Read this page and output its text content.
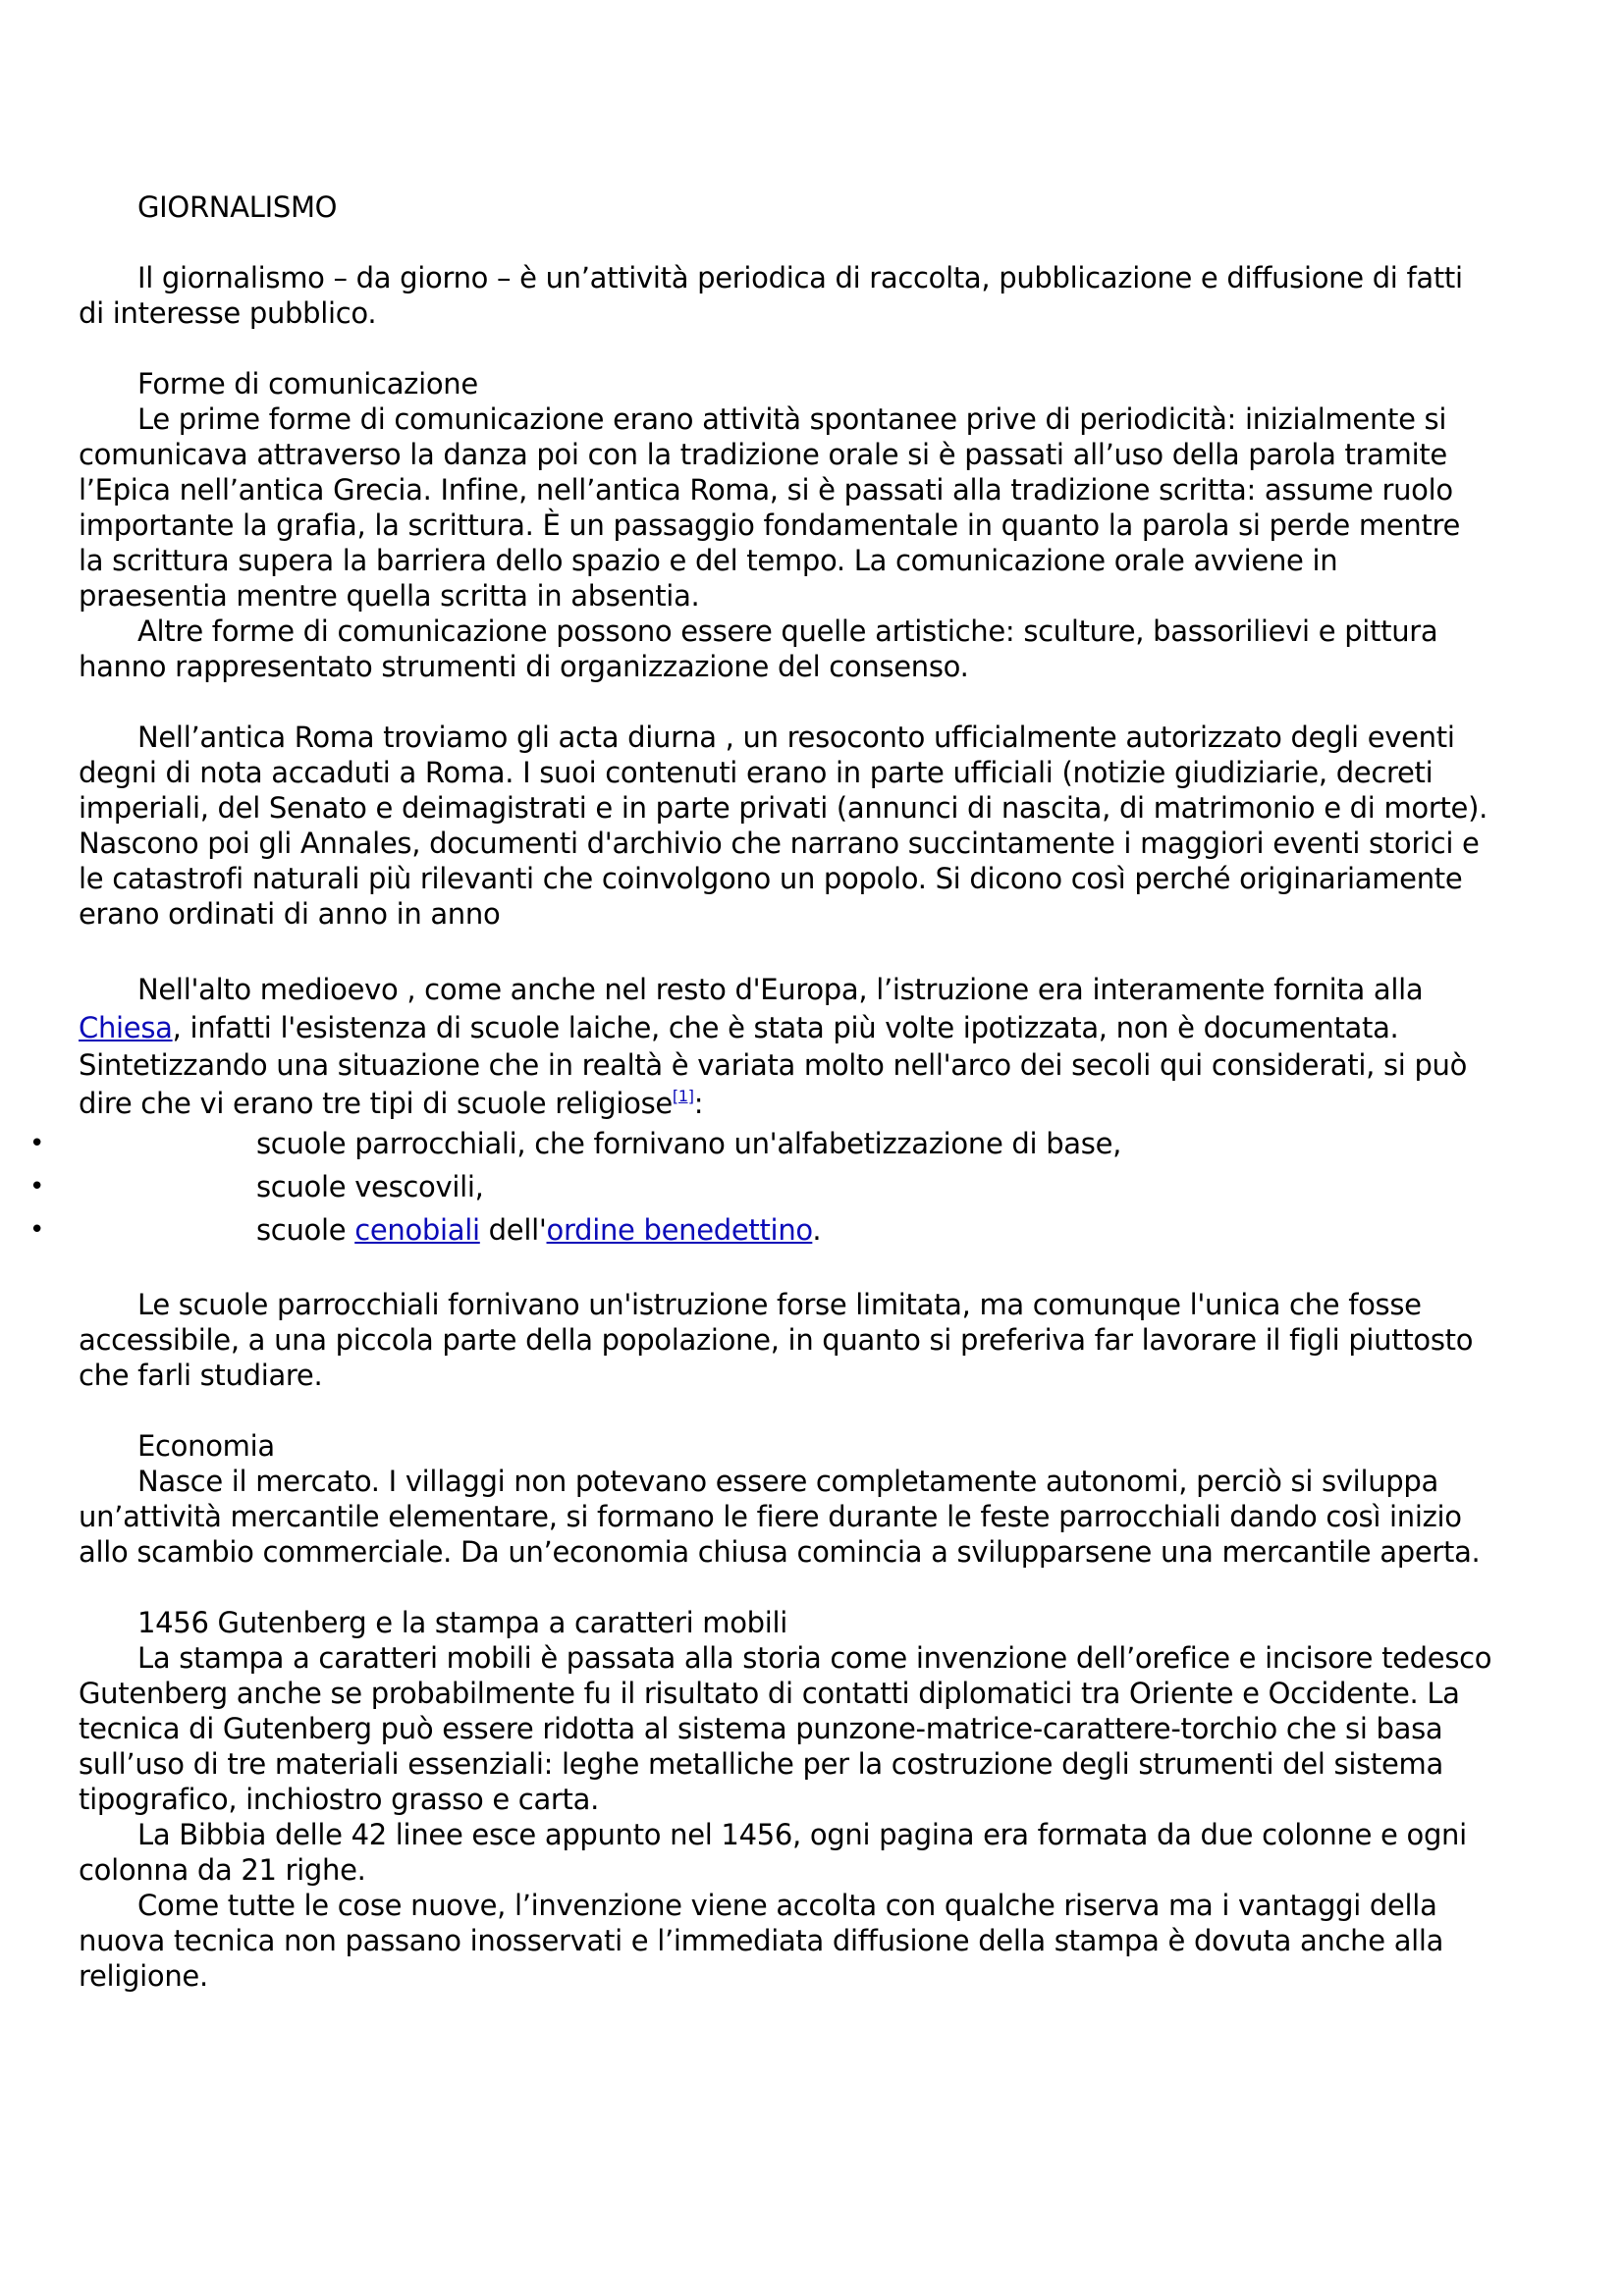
GIORNALISMO

Il giornalismo – da giorno – è un’attività periodica di raccolta, pubblicazione e diffusione di fatti di interesse pubblico.

Forme di comunicazione

Le prime forme di comunicazione erano attività spontanee prive di periodicità: inizialmente si comunicava attraverso la danza poi con la tradizione orale si è passati all’uso della parola tramite l’Epica nell’antica Grecia. Infine, nell’antica Roma, si è passati alla tradizione scritta: assume ruolo importante la grafia, la scrittura. È un passaggio fondamentale in quanto la parola si perde mentre la scrittura supera la barriera dello spazio e del tempo. La comunicazione orale avviene in praesentia mentre quella scritta in absentia.

Altre forme di comunicazione possono essere quelle artistiche: sculture, bassorilievi e pittura hanno rappresentato strumenti di organizzazione del consenso.

Nell’antica Roma troviamo gli acta diurna , un resoconto ufficialmente autorizzato degli eventi degni di nota accaduti a Roma. I suoi contenuti erano in parte ufficiali (notizie giudiziarie, decreti imperiali, del Senato e deimagistrati e in parte privati (annunci di nascita, di matrimonio e di morte). Nascono poi gli Annales, documenti d'archivio che narrano succintamente i maggiori eventi storici e le catastrofi naturali più rilevanti che coinvolgono un popolo. Si dicono così perché originariamente erano ordinati di anno in anno

Nell'alto medioevo , come anche nel resto d'Europa, l’istruzione era interamente fornita alla Chiesa, infatti l'esistenza di scuole laiche, che è stata più volte ipotizzata, non è documentata. Sintetizzando una situazione che in realtà è variata molto nell'arco dei secoli qui considerati, si può dire che vi erano tre tipi di scuole religiose[1]:

•	scuole parrocchiali, che fornivano un'alfabetizzazione di base,
•	scuole vescovili,
•	scuole cenobiali dell'ordine benedettino.

Le scuole parrocchiali fornivano un'istruzione forse limitata, ma comunque l'unica che fosse accessibile, a una piccola parte della popolazione, in quanto si preferiva far lavorare il figli piuttosto che farli studiare.

Economia

Nasce il mercato. I villaggi non potevano essere completamente autonomi, perciò si sviluppa un’attività mercantile elementare, si formano le fiere durante le feste parrocchiali dando così inizio allo scambio commerciale. Da un’economia chiusa comincia a svilupparsene una mercantile aperta.

1456 Gutenberg e la stampa a caratteri mobili

La stampa a caratteri mobili è passata alla storia come invenzione dell’orefice e incisore tedesco Gutenberg anche se probabilmente fu il risultato di contatti diplomatici tra Oriente e Occidente. La tecnica di Gutenberg può essere ridotta al sistema punzone-matrice-carattere-torchio che si basa sull’uso di tre materiali essenziali: leghe metalliche per la costruzione degli strumenti del sistema tipografico, inchiostro grasso e carta.

La Bibbia delle 42 linee esce appunto nel 1456, ogni pagina era formata da due colonne e ogni colonna da 21 righe.

Come tutte le cose nuove, l’invenzione viene accolta con qualche riserva ma i vantaggi della nuova tecnica non passano inosservati e l’immediata diffusione della stampa è dovuta anche alla religione.
